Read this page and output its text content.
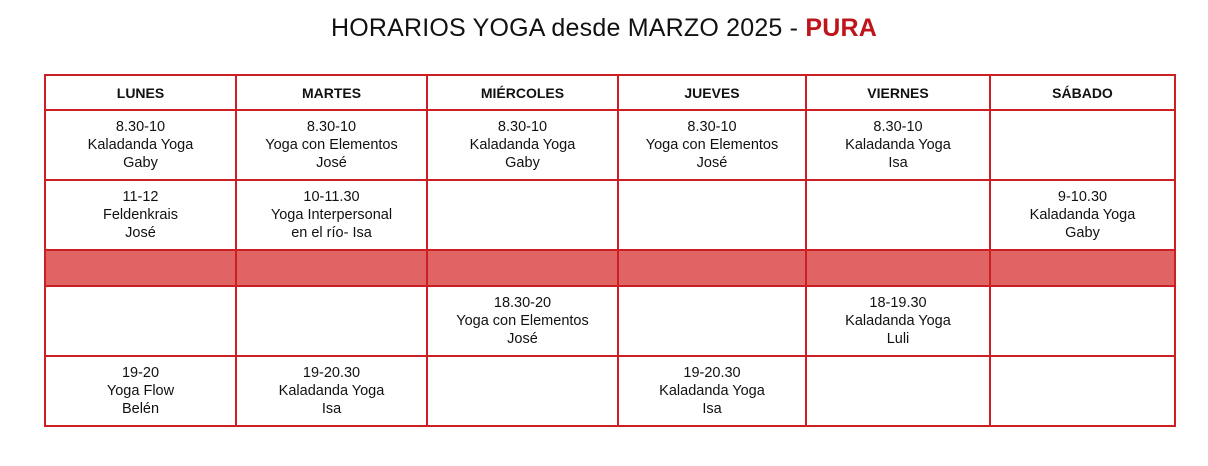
HORARIOS YOGA desde MARZO 2025 - PURA
LUNES	MARTES	MIÉRCOLES	JUEVES	VIERNES	SÁBADO

8.30-10
Kaladanda Yoga
Gaby	8.30-10
Yoga con Elementos
José	8.30-10
Kaladanda Yoga
Gaby	8.30-10
Yoga con Elementos
José	8.30-10
Kaladanda Yoga
Isa	

11-12
Feldenkrais
José	10-11.30
Yoga Interpersonal
en el río- Isa				9-10.30
Kaladanda Yoga
Gaby

		18.30-20
Yoga con Elementos
José		18-19.30
Kaladanda Yoga
Luli	

19-20
Yoga Flow
Belén	19-20.30
Kaladanda Yoga
Isa		19-20.30
Kaladanda Yoga
Isa		
